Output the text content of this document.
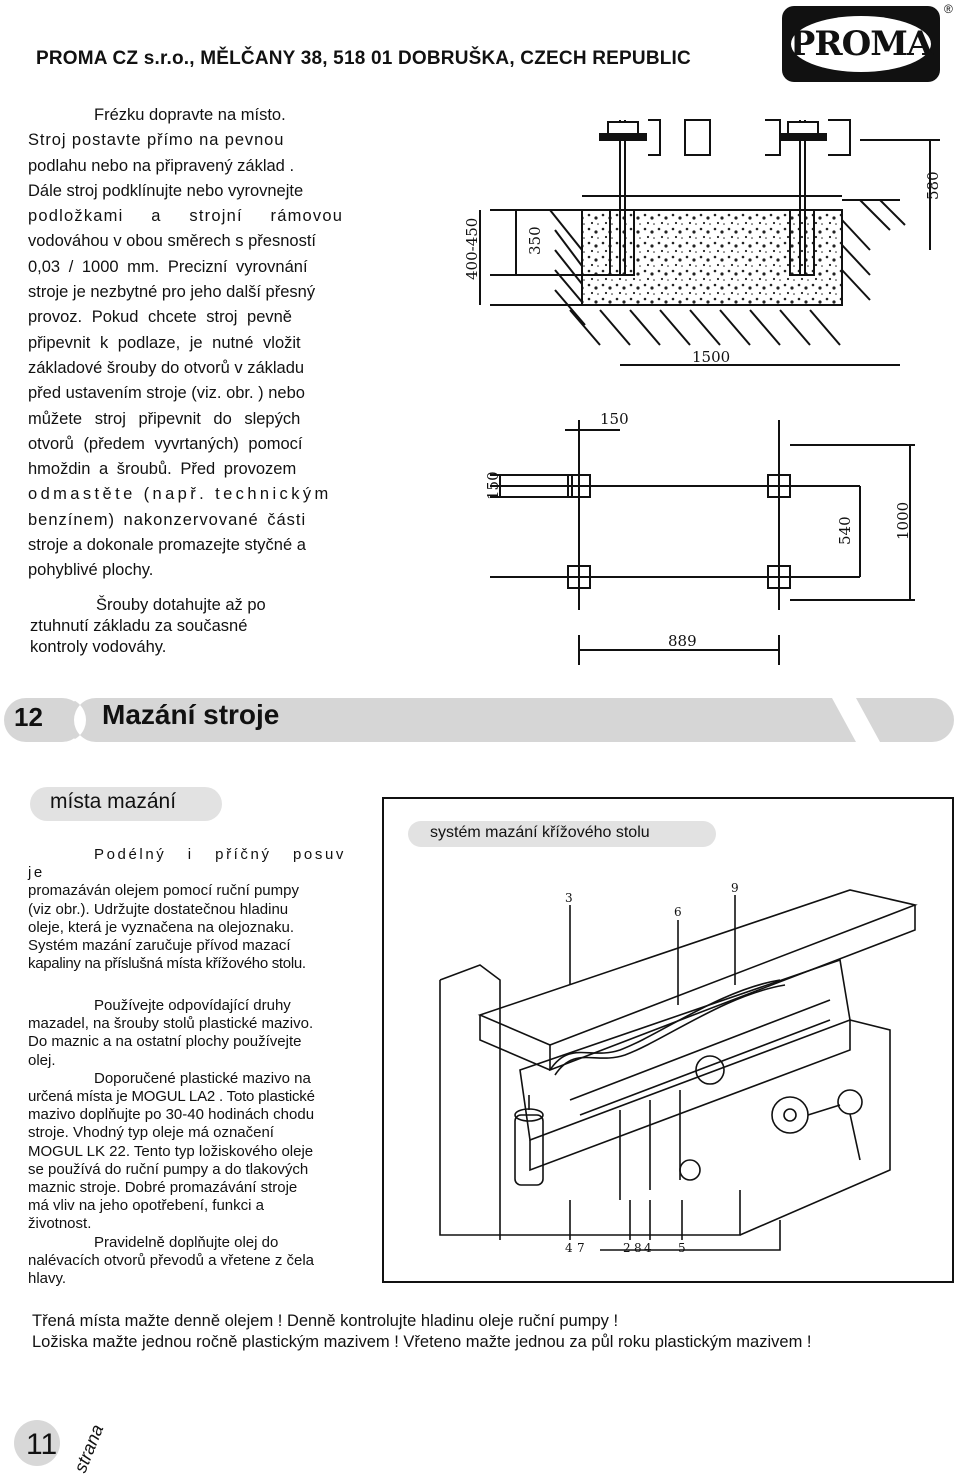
PROMA CZ s.r.o., MĚLČANY 38, 518 01 DOBRUŠKA, CZECH REPUBLIC	PROMA
®

Frézku dopravte na místo.

Stroj postavte přímo na pevnou

podlahu nebo na připravený základ .

Dále stroj podklínujte nebo vyrovnejte

podložkami a strojní rámovou

vodováhou v obou směrech s přesností

0,03 / 1000 mm. Precizní vyrovnání

stroje je nezbytné pro jeho další přesný

provoz. Pokud chcete stroj pevně

připevnit k podlaze, je nutné vložit

základové šrouby do otvorů v základu

před ustavením stroje (viz. obr. ) nebo

můžete stroj připevnit do slepých

otvorů (předem vyvrtaných) pomocí

hmoždin a šroubů. Před provozem

odmastěte (např. technickým

benzínem) nakonzervované části

stroje a dokonale promazejte styčné a

pohyblivé plochy.

Šrouby dotahujte až po
ztuhnutí základu za současné
kontroly vodováhy.
580
400-450	350
1500
150
150
540	1000
889
12 Mazání stroje
místa mazání

Podélný i příčný posuv je

promazáván olejem pomocí ruční pumpy

(viz obr.). Udržujte dostatečnou hladinu

oleje, která je vyznačena na olejoznaku.

Systém mazání zaručuje přívod mazací

kapaliny na příslušná místa křížového stolu.

Používejte odpovídající druhy

mazadel, na šrouby stolů plastické mazivo.

Do maznic a na ostatní plochy používejte

olej.

Doporučené plastické mazivo na

určená místa je MOGUL LA2 . Toto plastické

mazivo doplňujte po 30-40 hodinách chodu

stroje. Vhodný typ oleje má označení

MOGUL LK 22. Tento typ ložiskového oleje

se používá do ruční pumpy a do tlakových

maznic stroje. Dobré promazávání stroje

má vliv na jeho opotřebení, funkci a

životnost.

Pravidelně doplňujte olej do

nalévacích otvorů převodů a vřetene z čela

hlavy.

systém mazání křížového stolu
3
6
9
4 7	2 8 4 5
Třená místa mažte denně olejem ! Denně kontrolujte hladinu oleje ruční pumpy !
Ložiska mažte jednou ročně plastickým mazivem ! Vřeteno mažte jednou za půl roku plastickým mazivem !
11 strana
